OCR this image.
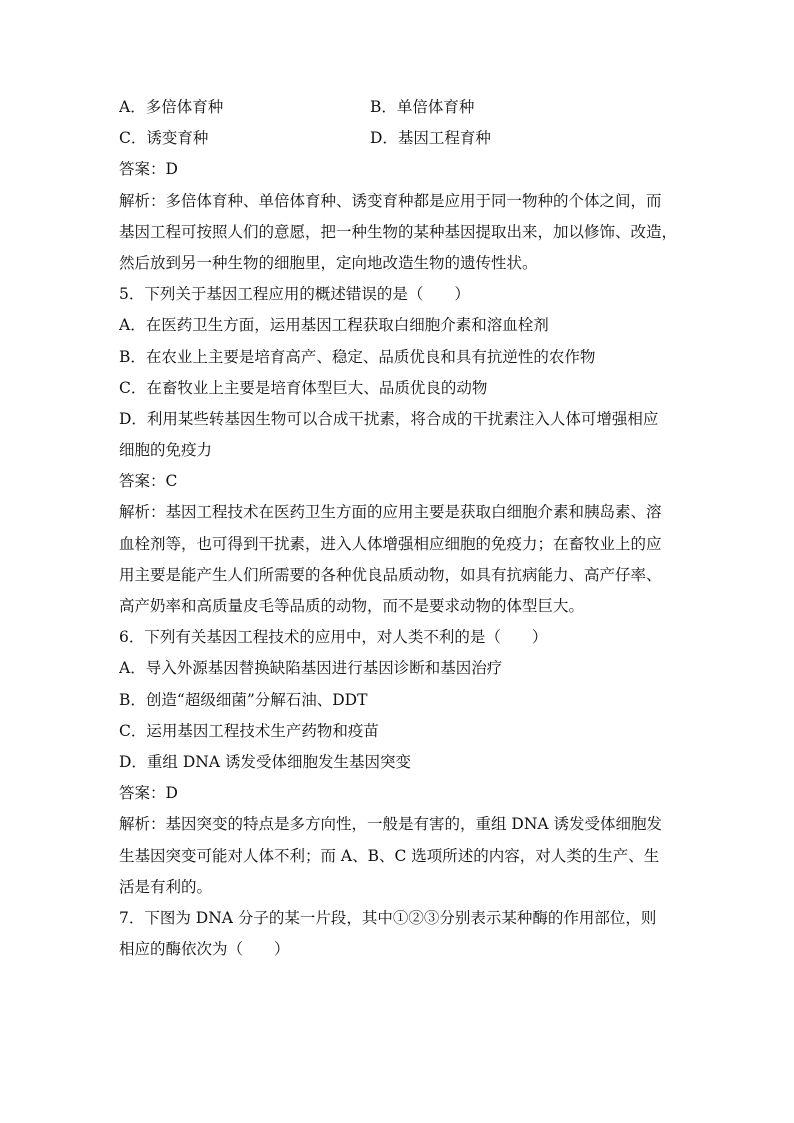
A．多倍体育种	B．单倍体育种
C．诱变育种	D．基因工程育种
答案：D
解析：多倍体育种、单倍体育种、诱变育种都是应用于同一物种的个体之间，而
基因工程可按照人们的意愿，把一种生物的某种基因提取出来，加以修饰、改造，
然后放到另一种生物的细胞里，定向地改造生物的遗传性状。
5．下列关于基因工程应用的概述错误的是（　　）
A．在医药卫生方面，运用基因工程获取白细胞介素和溶血栓剂
B．在农业上主要是培育高产、稳定、品质优良和具有抗逆性的农作物
C．在畜牧业上主要是培育体型巨大、品质优良的动物
D．利用某些转基因生物可以合成干扰素，将合成的干扰素注入人体可增强相应
细胞的免疫力
答案：C
解析：基因工程技术在医药卫生方面的应用主要是获取白细胞介素和胰岛素、溶
血栓剂等，也可得到干扰素，进入人体增强相应细胞的免疫力；在畜牧业上的应
用主要是能产生人们所需要的各种优良品质动物，如具有抗病能力、高产仔率、
高产奶率和高质量皮毛等品质的动物，而不是要求动物的体型巨大。
6．下列有关基因工程技术的应用中，对人类不利的是（　　）
A．导入外源基因替换缺陷基因进行基因诊断和基因治疗
B．创造“超级细菌”分解石油、DDT
C．运用基因工程技术生产药物和疫苗
D．重组 DNA 诱发受体细胞发生基因突变
答案：D
解析：基因突变的特点是多方向性，一般是有害的，重组 DNA 诱发受体细胞发
生基因突变可能对人体不利；而 A、B、C 选项所述的内容，对人类的生产、生
活是有利的。
7．下图为 DNA 分子的某一片段，其中①②③分别表示某种酶的作用部位，则
相应的酶依次为（　　）
